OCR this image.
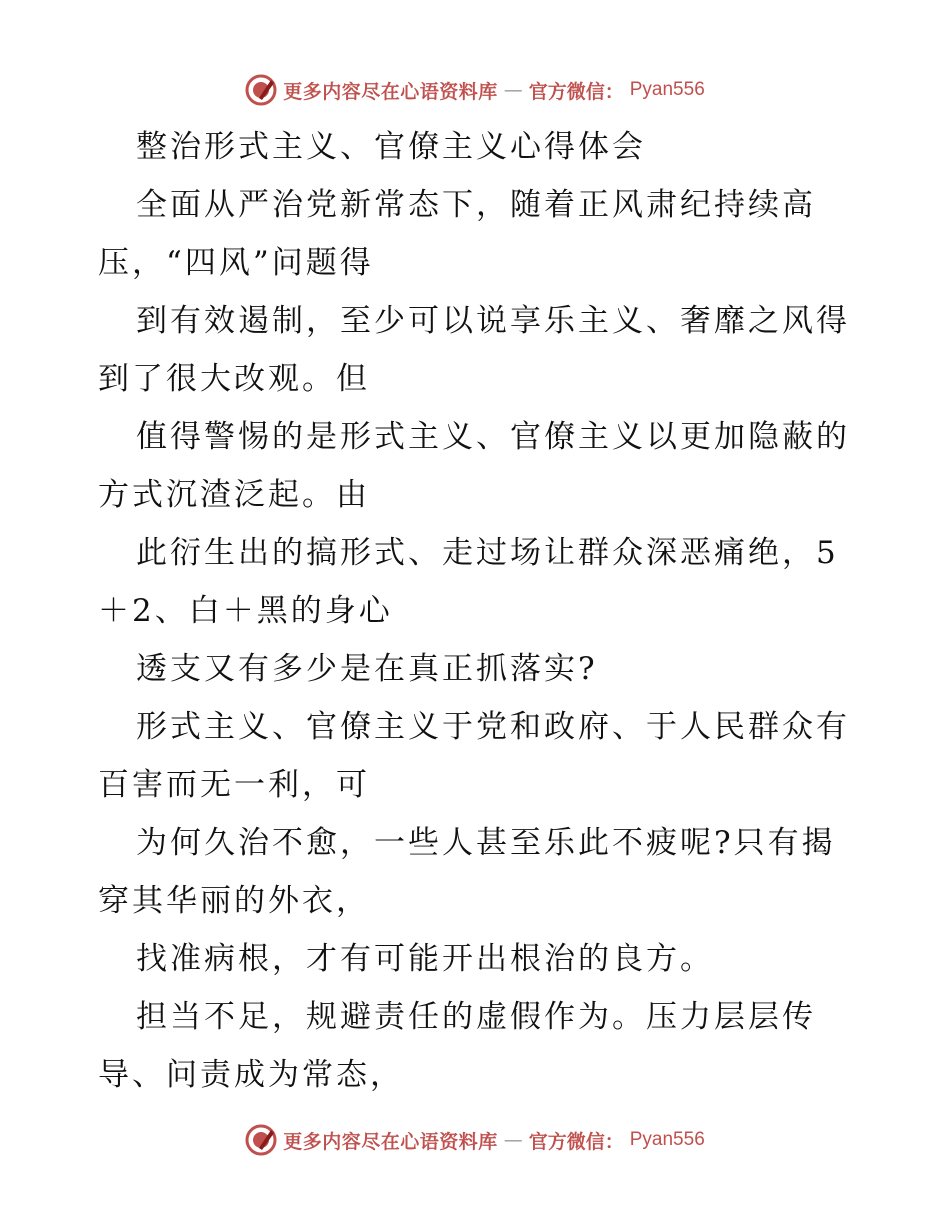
更多内容尽在心语资料库 — 官方微信： Pyan556
整治形式主义、官僚主义心得体会
全面从严治党新常态下，随着正风肃纪持续高
压，“四风”问题得
到有效遏制，至少可以说享乐主义、奢靡之风得
到了很大改观。但
值得警惕的是形式主义、官僚主义以更加隐蔽的
方式沉渣泛起。由
此衍生出的搞形式、走过场让群众深恶痛绝，5
＋2、白＋黑的身心
透支又有多少是在真正抓落实?
形式主义、官僚主义于党和政府、于人民群众有
百害而无一利，可
为何久治不愈，一些人甚至乐此不疲呢?只有揭
穿其华丽的外衣，
找准病根，才有可能开出根治的良方。
担当不足，规避责任的虚假作为。压力层层传
导、问责成为常态，
更多内容尽在心语资料库 — 官方微信： Pyan556
